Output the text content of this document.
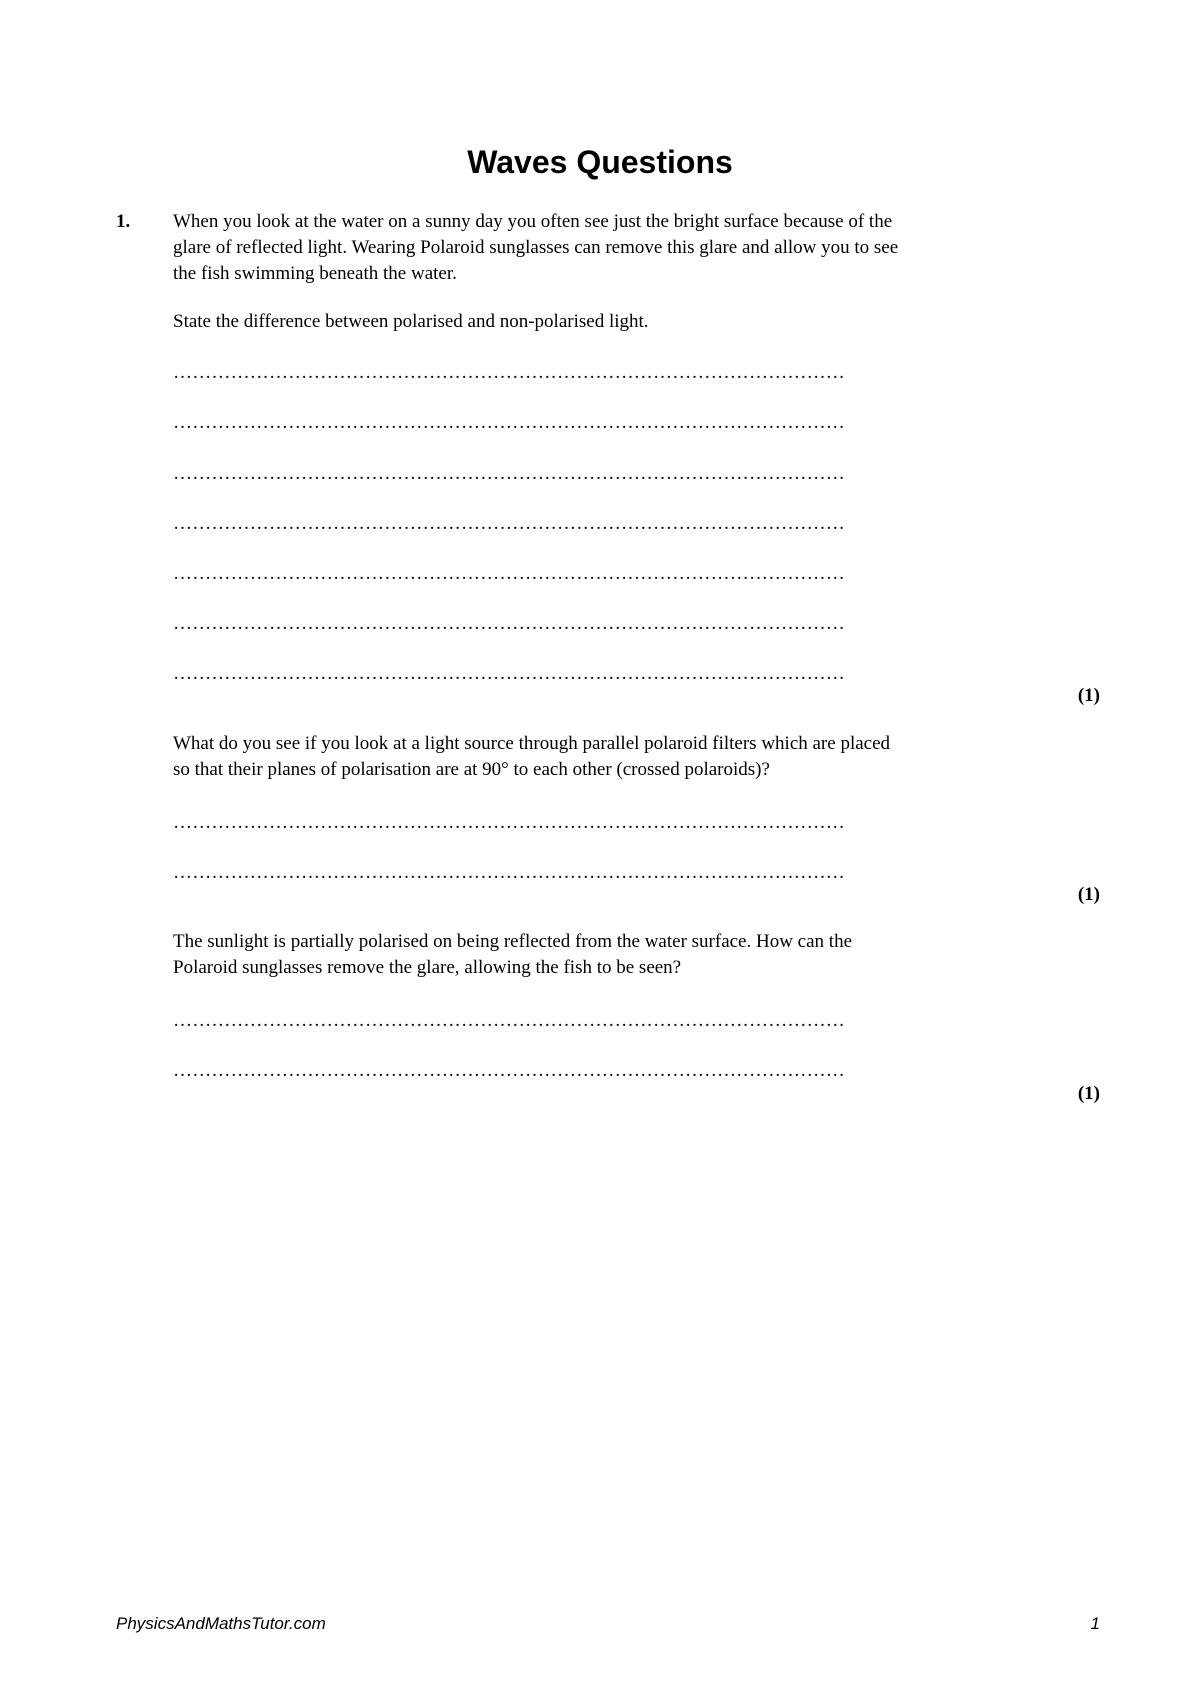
Waves Questions
1. When you look at the water on a sunny day you often see just the bright surface because of the
glare of reflected light. Wearing Polaroid sunglasses can remove this glare and allow you to see
the fish swimming beneath the water.
State the difference between polarised and non-polarised light.
……………………………………………………………………………………………
……………………………………………………………………………………………
……………………………………………………………………………………………
……………………………………………………………………………………………
……………………………………………………………………………………………
……………………………………………………………………………………………
……………………………………………………………………………………………
(1)
What do you see if you look at a light source through parallel polaroid filters which are placed
so that their planes of polarisation are at 90° to each other (crossed polaroids)?
……………………………………………………………………………………………
……………………………………………………………………………………………
(1)
The sunlight is partially polarised on being reflected from the water surface. How can the
Polaroid sunglasses remove the glare, allowing the fish to be seen?
……………………………………………………………………………………………
……………………………………………………………………………………………
(1)
PhysicsAndMathsTutor.com	1
